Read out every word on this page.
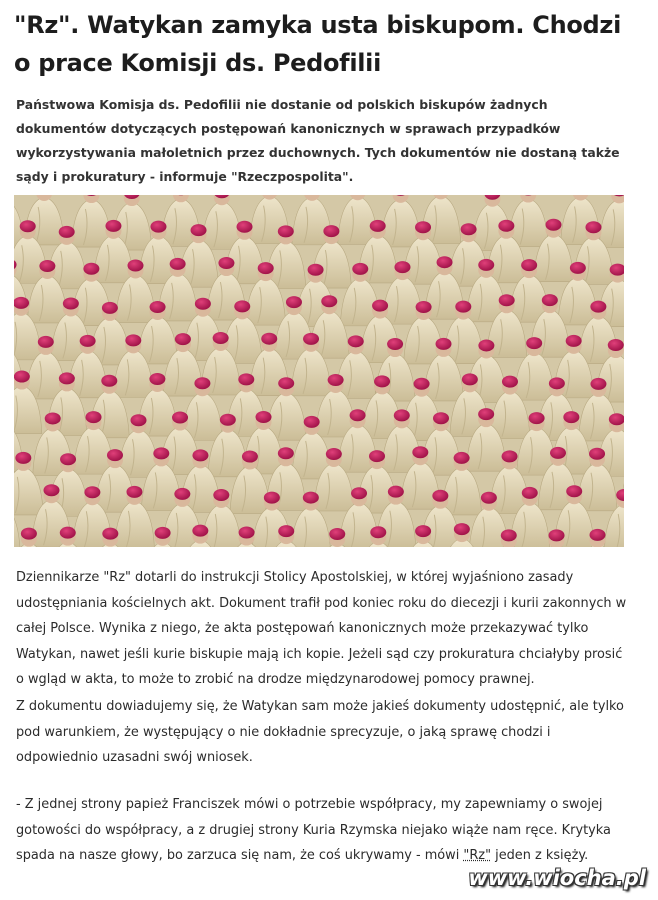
"Rz". Watykan zamyka usta biskupom. Chodzi o prace Komisji ds. Pedofilii

Państwowa Komisja ds. Pedofilii nie dostanie od polskich biskupów żadnych dokumentów dotyczących postępowań kanonicznych w sprawach przypadków wykorzystywania małoletnich przez duchownych. Tych dokumentów nie dostaną także sądy i prokuratury - informuje "Rzeczpospolita".

Dziennikarze "Rz" dotarli do instrukcji Stolicy Apostolskiej, w której wyjaśniono zasady udostępniania kościelnych akt. Dokument trafił pod koniec roku do diecezji i kurii zakonnych w całej Polsce. Wynika z niego, że akta postępowań kanonicznych może przekazywać tylko Watykan, nawet jeśli kurie biskupie mają ich kopie. Jeżeli sąd czy prokuratura chciałyby prosić o wgląd w akta, to może to zrobić na drodze międzynarodowej pomocy prawnej.

Z dokumentu dowiadujemy się, że Watykan sam może jakieś dokumenty udostępnić, ale tylko pod warunkiem, że występujący o nie dokładnie sprecyzuje, o jaką sprawę chodzi i odpowiednio uzasadni swój wniosek.

- Z jednej strony papież Franciszek mówi o potrzebie współpracy, my zapewniamy o swojej gotowości do współpracy, a z drugiej strony Kuria Rzymska niejako wiąże nam ręce. Krytyka spada na nasze głowy, bo zarzuca się nam, że coś ukrywamy - mówi "Rz" jeden z księży.

www.wiocha.pl
